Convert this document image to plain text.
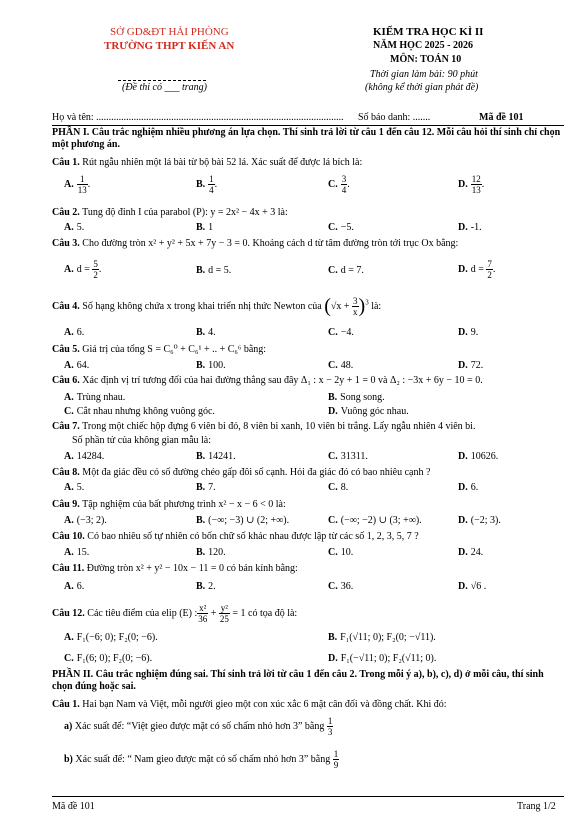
SỞ GD&ĐT HẢI PHÒNG
TRƯỜNG THPT KIẾN AN
(Đề thi có ___ trang)
KIỂM TRA HỌC KÌ II
NĂM HỌC 2025 - 2026
MÔN: TOÁN 10
Thời gian làm bài: 90 phút
(không kể thời gian phát đề)
Họ và tên: ................................................................................................... Số báo danh: .......	Mã đề 101
PHẦN I. Câu trắc nghiệm nhiều phương án lựa chọn. Thí sinh trả lời từ câu 1 đến câu 12. Mỗi câu hỏi thí sinh chỉ chọn một phương án.
Câu 1. Rút ngẫu nhiên một lá bài từ bộ bài 52 lá. Xác suất để được lá bích là:
A. $\frac{1}{13}$ .	B. $\frac{1}{4}$ .	C. $\frac{3}{4}$ .	D. $\frac{12}{13}$ .
Câu 2. Tung độ đỉnh I của parabol (P): y = 2x² − 4x + 3 là:
A. 5.	B. 1	C. −5.	D. -1.
Câu 3. Cho đường tròn x² + y² + 5x + 7y − 3 = 0. Khoảng cách d từ tâm đường tròn tới trục Ox bằng:
A. $d = \frac{5}{2}$ .	B. d = 5.	C. d = 7.	D. $d = \frac{7}{2}$ .
Câu 4. Số hạng không chứa x trong khai triển nhị thức Newton của $(√x + \frac{3}{x} )^3$ là:
A. 6.	B. 4.	C. −4.	D. 9.
Câu 5. Giá trị của tổng S = C₆⁰ + C₆¹ + .. + C₆⁶ bằng:
A. 64.	B. 100.	C. 48.	D. 72.
Câu 6. Xác định vị trí tương đối của hai đường thẳng sau đây Δ₁ : x − 2y + 1 = 0 và Δ₂ : −3x + 6y − 10 = 0.
A. Trùng nhau.	B. Song song.
C. Cắt nhau nhưng không vuông góc.	D. Vuông góc nhau.
Câu 7. Trong một chiếc hộp đựng 6 viên bi đỏ, 8 viên bi xanh, 10 viên bi trắng. Lấy ngẫu nhiên 4 viên bi.
Số phần tử của không gian mẫu là:
A. 14284.	B. 14241.	C. 31311.	D. 10626.
Câu 8. Một đa giác đều có số đường chéo gấp đôi số cạnh. Hỏi đa giác đó có bao nhiêu cạnh ?
A. 5.	B. 7.	C. 8.	D. 6.
Câu 9. Tập nghiệm của bất phương trình x² − x − 6 < 0 là:
A. (−3; 2).	B. (−∞; −3) ∪ (2; +∞).	C. (−∞; −2) ∪ (3; +∞).	D. (−2; 3).
Câu 10. Có bao nhiêu số tự nhiên có bốn chữ số khác nhau được lập từ các số 1, 2, 3, 5, 7 ?
A. 15.	B. 120.	C. 10.	D. 24.
Câu 11. Đường tròn x² + y² − 10x − 11 = 0 có bán kính bằng:
A. 6.	B. 2.	C. 36.	D. √6 .
Câu 12. Các tiêu điểm của elip (E) : $\frac{\text{x²}}{36} + \frac{\text{y²}}{25} = 1$ có tọa độ là:
A. F₁(−6; 0); F₂(0; −6).	B. F₁(√11; 0); F₂(0; −√11).
C. F₁(6; 0); F₂(0; −6).	D. F₁(−√11; 0); F₂(√11; 0).
PHẦN II. Câu trắc nghiệm đúng sai. Thí sinh trả lời từ câu 1 đến câu 2. Trong mỗi ý a), b), c), d) ở mỗi câu, thí sinh chọn đúng hoặc sai.
Câu 1. Hai bạn Nam và Việt, mỗi người gieo một con xúc xắc 6 mặt cân đối và đồng chất. Khi đó:
a) Xác suất để: “Việt gieo được mặt có số chấm nhỏ hơn 3” bằng $\frac{1}{3}$
b) Xác suất để: “ Nam gieo được mặt có số chấm nhỏ hơn 3” bằng $\frac{1}{9}$
Mã đề 101	Trang 1/2
